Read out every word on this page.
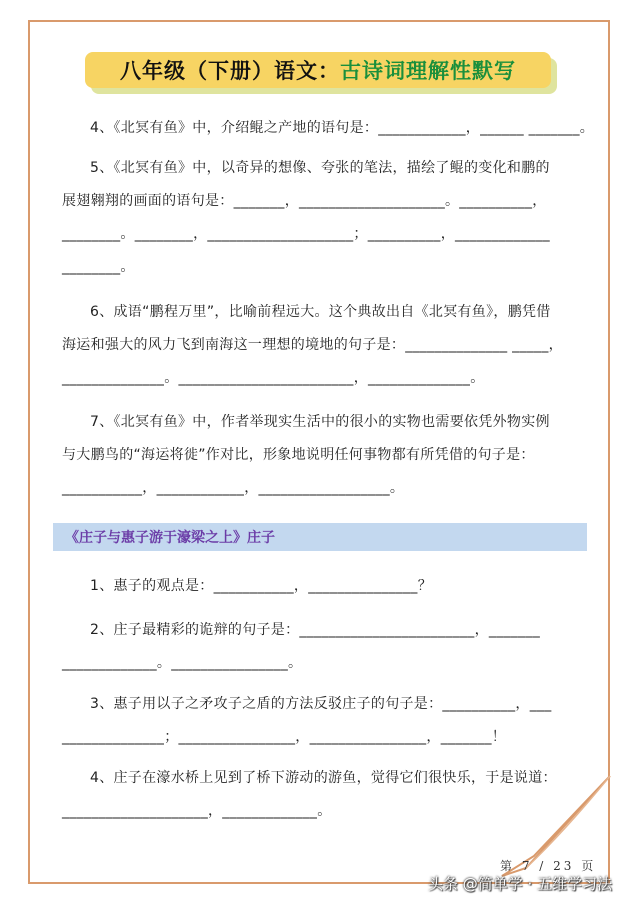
八年级（下册）语文： 古诗词理解性默写
4、《北冥有鱼》中，介绍鲲之产地的语句是：____________，______ _______。
5、《北冥有鱼》中，以奇异的想像、夸张的笔法，描绘了鲲的变化和鹏的
展翅翱翔的画面的语句是：_______，____________________。__________，
________。________，____________________；__________，_____________
________。
6、成语“鹏程万里”，比喻前程远大。这个典故出自《北冥有鱼》，鹏凭借
海运和强大的风力飞到南海这一理想的境地的句子是：______________ _____，
______________。________________________，______________。
7、《北冥有鱼》中，作者举现实生活中的很小的实物也需要依凭外物实例
与大鹏鸟的“海运将徙”作对比，形象地说明任何事物都有所凭借的句子是：
___________，____________，__________________。
《庄子与惠子游于濠梁之上》庄子
1、惠子的观点是：___________，_______________？
2、庄子最精彩的诡辩的句子是：________________________，_______
_____________。________________。
3、惠子用以子之矛攻子之盾的方法反驳庄子的句子是：__________，___
______________；________________，________________，_______！
4、庄子在濠水桥上见到了桥下游动的游鱼，觉得它们很快乐，于是说道：
____________________，_____________。
第 7 / 23 页
头条 @简单学 · 五维学习法
